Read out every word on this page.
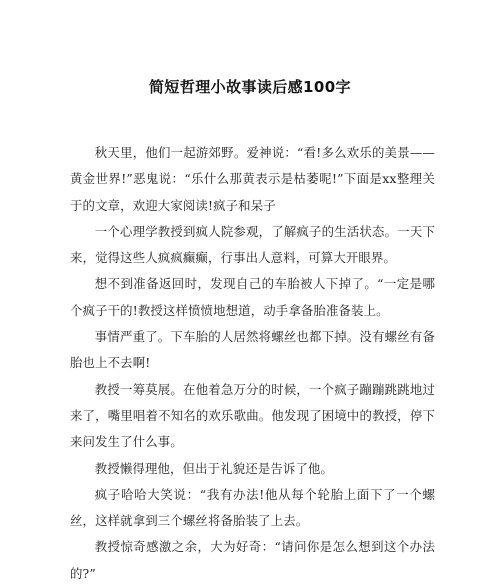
简短哲理小故事读后感100字

秋天里，他们一起游郊野。爱神说：“看!多么欢乐的美景——黄金世界!”恶鬼说：“乐什么那黄表示是枯萎呢!”下面是xx整理关于的文章，欢迎大家阅读!疯子和呆子

一个心理学教授到疯人院参观，了解疯子的生活状态。一天下来，觉得这些人疯疯癫癫，行事出人意料，可算大开眼界。

想不到准备返回时，发现自己的车胎被人下掉了。“一定是哪个疯子干的!教授这样愤愤地想道，动手拿备胎准备装上。

事情严重了。下车胎的人居然将螺丝也都下掉。没有螺丝有备胎也上不去啊!

教授一筹莫展。在他着急万分的时候，一个疯子蹦蹦跳跳地过来了，嘴里唱着不知名的欢乐歌曲。他发现了困境中的教授，停下来问发生了什么事。

教授懒得理他，但出于礼貌还是告诉了他。

疯子哈哈大笑说：“我有办法!他从每个轮胎上面下了一个螺丝，这样就拿到三个螺丝将备胎装了上去。

教授惊奇感激之余，大为好奇：“请问你是怎么想到这个办法的?”
